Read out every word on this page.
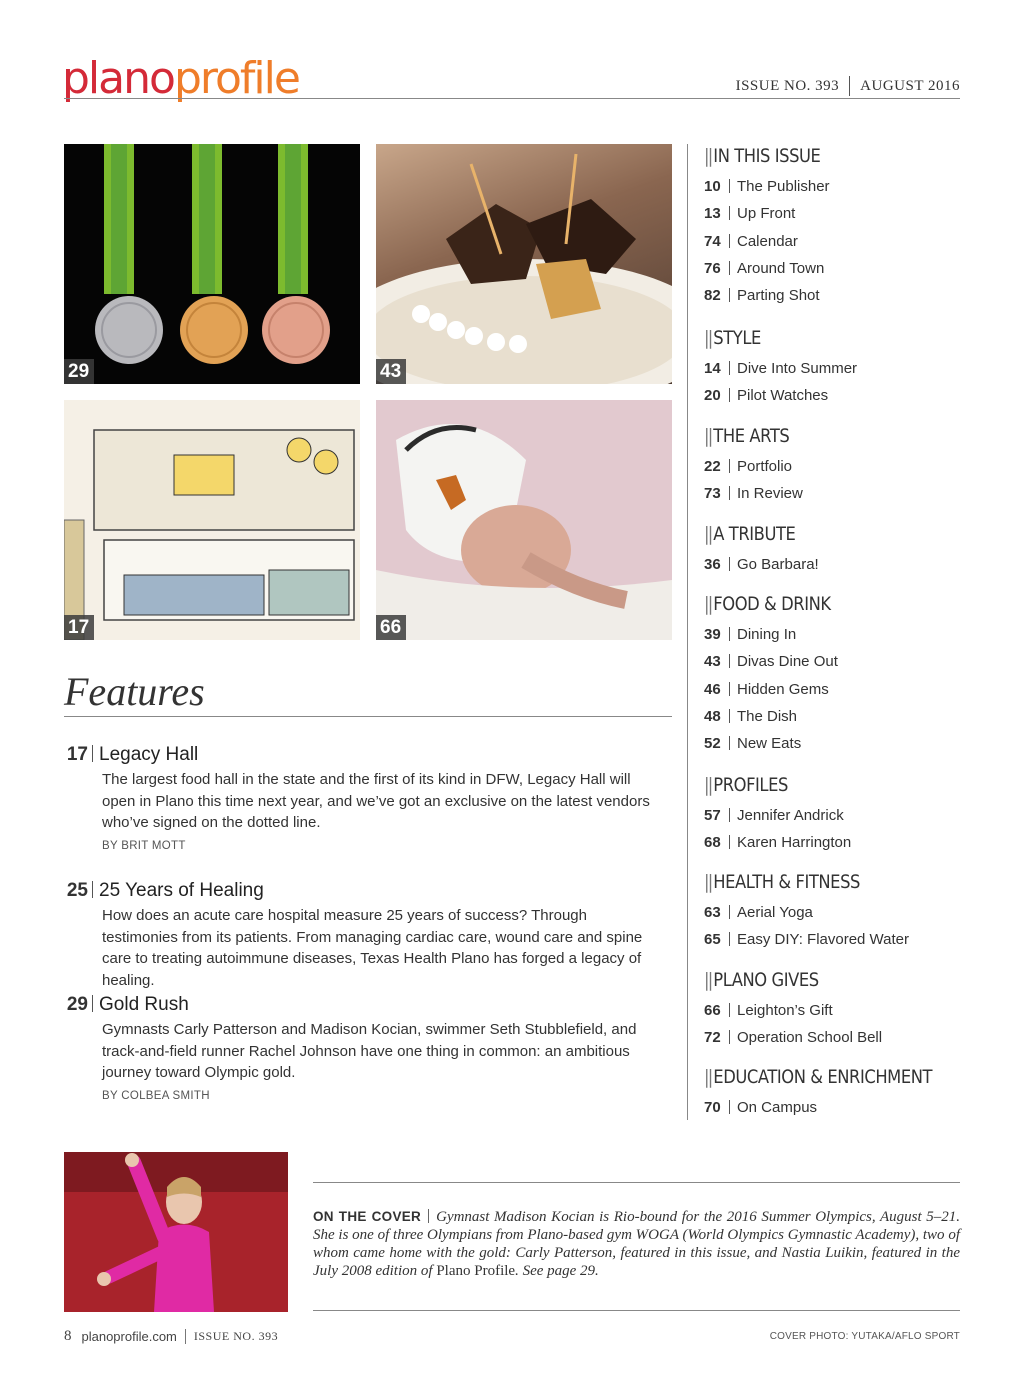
planoprofile	ISSUE NO. 393 AUGUST 2016
29	43
17	66
Features
17 Legacy Hall
The largest food hall in the state and the first of its kind in DFW, Legacy Hall will open in Plano this time next year, and we’ve got an exclusive on the latest vendors who’ve signed on the dotted line.
BY BRIT MOTT
25 25 Years of Healing
How does an acute care hospital measure 25 years of success? Through testimonies from its patients. From managing cardiac care, wound care and spine care to treating autoimmune diseases, Texas Health Plano has forged a legacy of healing.
29 Gold Rush
Gymnasts Carly Patterson and Madison Kocian, swimmer Seth Stubblefield, and track-and-field runner Rachel Johnson have one thing in common: an ambitious journey toward Olympic gold.
BY COLBEA SMITH
||IN THIS ISSUE
10 The Publisher
13 Up Front
74 Calendar
76 Around Town
82 Parting Shot
||STYLE
14 Dive Into Summer
20 Pilot Watches
||THE ARTS
22 Portfolio
73 In Review
||A TRIBUTE
36 Go Barbara!
||FOOD & DRINK
39 Dining In
43 Divas Dine Out
46 Hidden Gems
48 The Dish
52 New Eats
||PROFILES
57 Jennifer Andrick
68 Karen Harrington
||HEALTH & FITNESS
63 Aerial Yoga
65 Easy DIY: Flavored Water
||PLANO GIVES
66 Leighton’s Gift
72 Operation School Bell
||EDUCATION & ENRICHMENT
70 On Campus
ON THE COVER Gymnast Madison Kocian is Rio-bound for the 2016 Summer Olympics, August 5–21. She is one of three Olympians from Plano-based gym WOGA (World Olympics Gymnastic Academy), two of whom came home with the gold: Carly Patterson, featured in this issue, and Nastia Luikin, featured in the July 2008 edition of Plano Profile. See page 29.
8 planoprofile.com ISSUE NO. 393	COVER PHOTO: YUTAKA/AFLO SPORT
